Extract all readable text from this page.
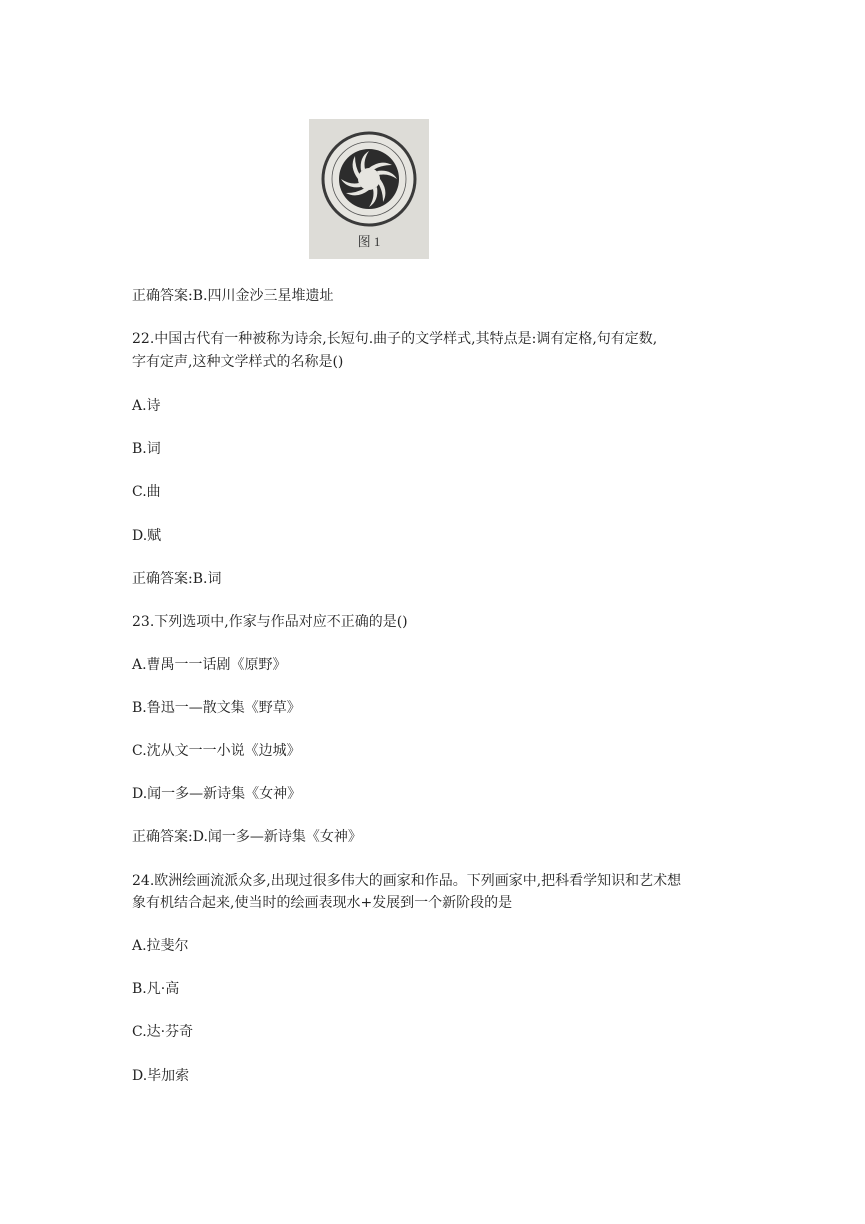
图 1
正确答案:B.四川金沙三星堆遗址
22.中国古代有一种被称为诗余,长短句.曲子的文学样式,其特点是:调有定格,句有定数,
字有定声,这种文学样式的名称是()
A.诗
B.词
C.曲
D.赋
正确答案:B.词
23.下列选项中,作家与作品对应不正确的是()
A.曹禺一一话剧《原野》
B.鲁迅一—散文集《野草》
C.沈从文一一小说《边城》
D.闻一多—新诗集《女神》
正确答案:D.闻一多—新诗集《女神》
24.欧洲绘画流派众多,出现过很多伟大的画家和作品。下列画家中,把科看学知识和艺术想
象有机结合起来,使当时的绘画表现水+发展到一个新阶段的是
A.拉斐尔
B.凡·高
C.达·芬奇
D.毕加索
